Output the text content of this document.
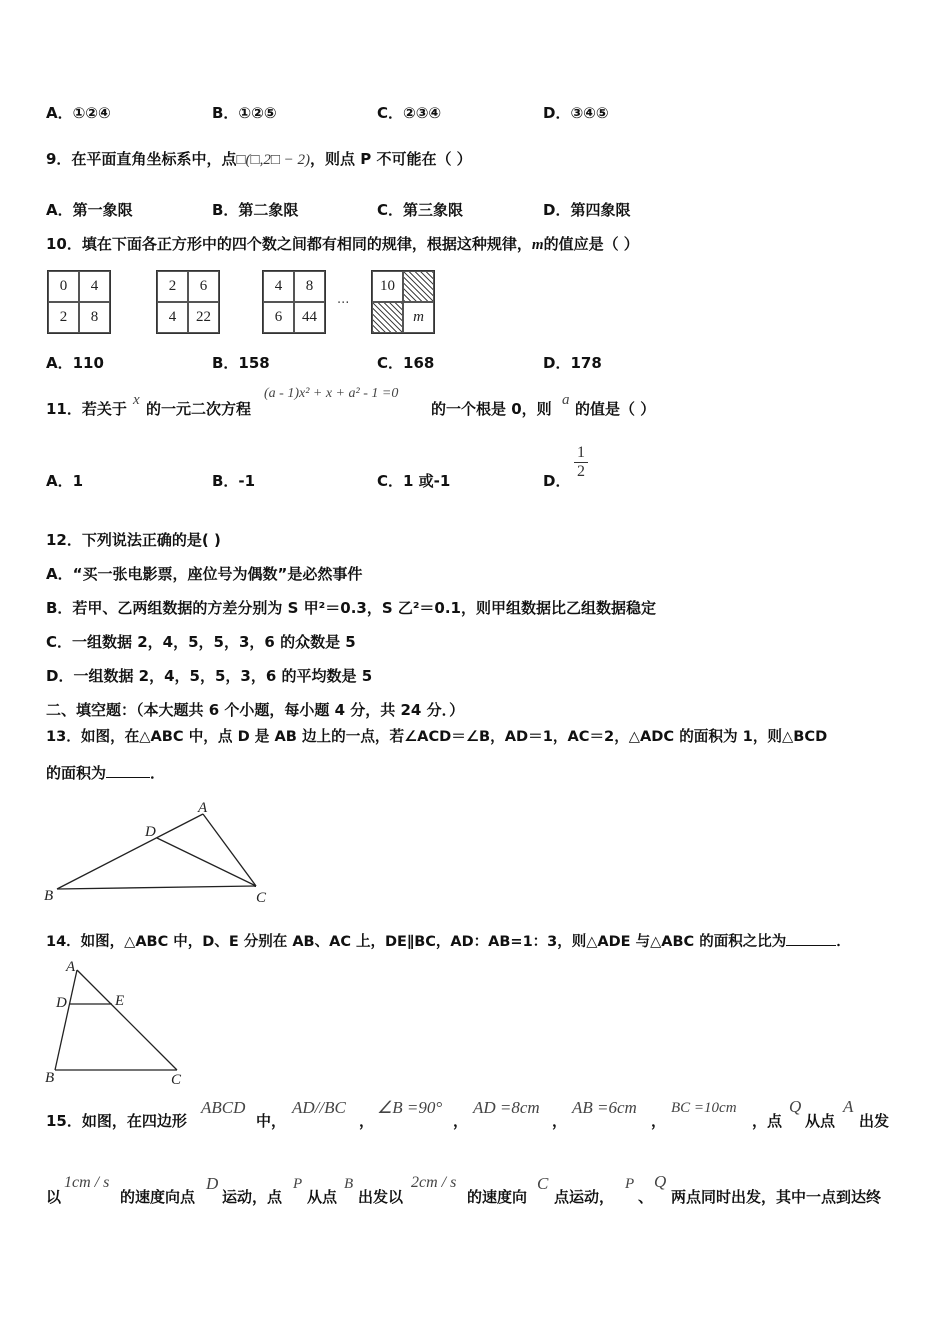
A．①②④	B．①②⑤	C．②③④	D．③④⑤
9．在平面直角坐标系中，点□(□,2□ − 2)，则点 P 不可能在（ ）
A．第一象限	B．第二象限	C．第三象限	D．第四象限
10．填在下面各正方形中的四个数之间都有相同的规律，根据这种规律，m的值应是（ ）
0	4
2	8
2	6
4	22
4	8
6	44
···
10
m
A．110	B．158	C．168	D．178
11．若关于 x 的一元二次方程
(a - 1)x² + x + a² - 1 =0
的一个根是 0，则 a 的值是（ ）
A．1	B．-1	C．1 或-1	D． $\frac{1}{2}$
12．下列说法正确的是( )
A．“买一张电影票，座位号为偶数”是必然事件
B．若甲、乙两组数据的方差分别为 S 甲²＝0.3，S 乙²＝0.1，则甲组数据比乙组数据稳定
C．一组数据 2，4，5，5，3，6 的众数是 5
D．一组数据 2，4，5，5，3，6 的平均数是 5
二、填空题：（本大题共 6 个小题，每小题 4 分，共 24 分．）
13．如图，在△ABC 中，点 D 是 AB 边上的一点，若∠ACD＝∠B，AD＝1，AC＝2，△ADC 的面积为 1，则△BCD
的面积为	．
A
D
B	C
14．如图，△ABC 中，D、E 分别在 AB、AC 上，DE∥BC，AD：AB=1：3，则△ADE 与△ABC 的面积之比为	．
A
D	E
B	C
15．如图，在四边形
ABCD
中，
AD//BC
，
∠B =90°
，
AD =8cm
，
AB =6cm
，
BC =10cm
，点
Q
从点
A
出发
以
1cm / s
的速度向点
D
运动，点
P
从点
B
出发以
2cm / s
的速度向
C
点运动，
P
、
Q
两点同时出发，其中一点到达终
